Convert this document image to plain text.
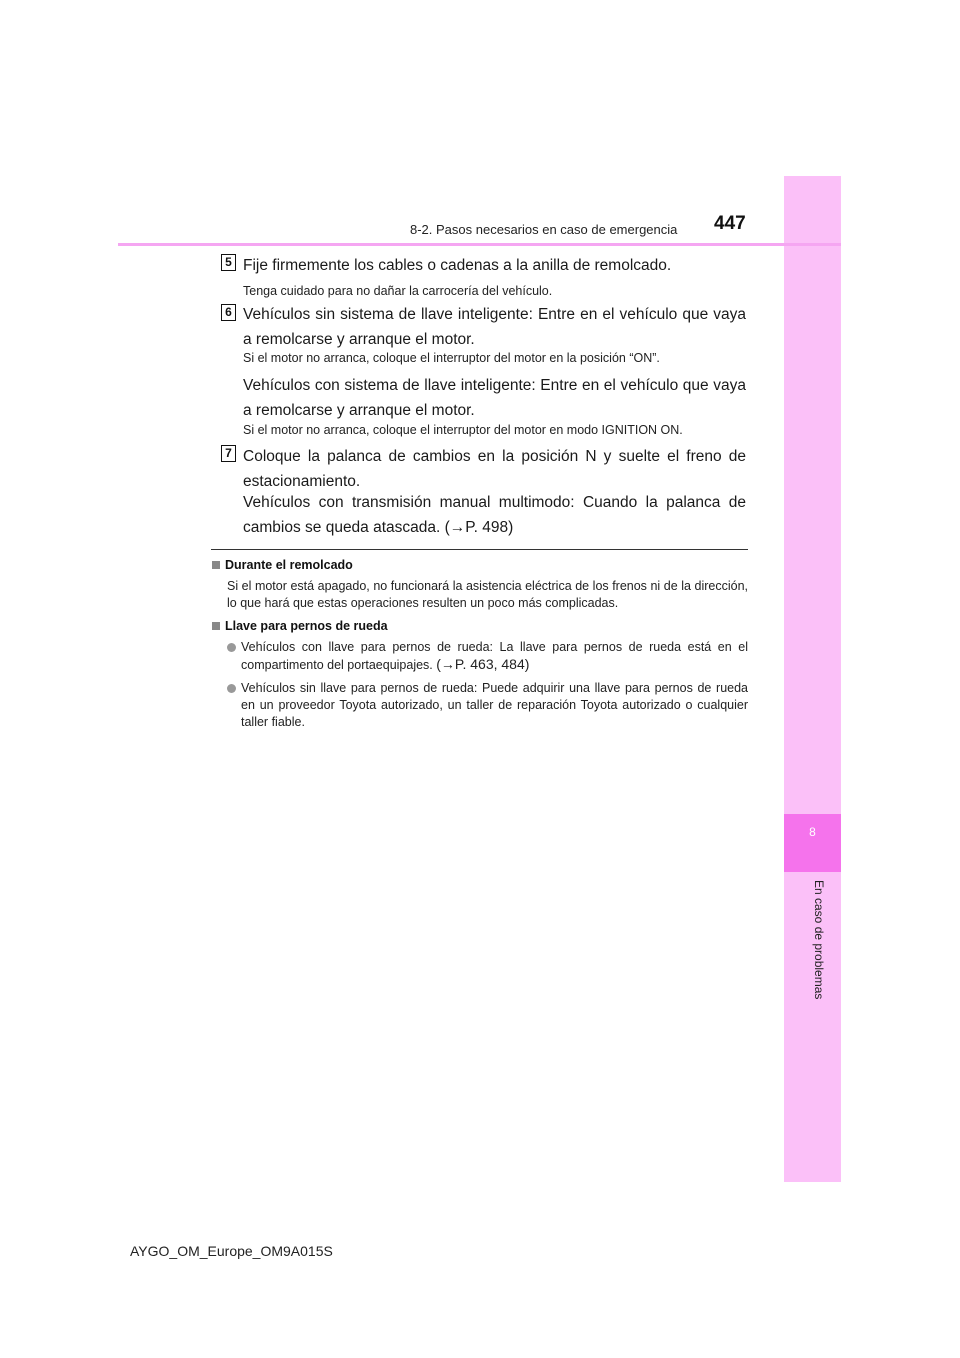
8
En caso de problemas
8-2. Pasos necesarios en caso de emergencia 447
5 Fije firmemente los cables o cadenas a la anilla de remolcado.
Tenga cuidado para no dañar la carrocería del vehículo.
6 Vehículos sin sistema de llave inteligente: Entre en el vehículo que vaya a remolcarse y arranque el motor.
Si el motor no arranca, coloque el interruptor del motor en la posición “ON”.
Vehículos con sistema de llave inteligente: Entre en el vehículo que vaya a remolcarse y arranque el motor.
Si el motor no arranca, coloque el interruptor del motor en modo IGNITION ON.
7 Coloque la palanca de cambios en la posición N y suelte el freno de estacionamiento.
Vehículos con transmisión manual multimodo: Cuando la palanca de cambios se queda atascada. (→P. 498)
Durante el remolcado
Si el motor está apagado, no funcionará la asistencia eléctrica de los frenos ni de la dirección, lo que hará que estas operaciones resulten un poco más complicadas.
Llave para pernos de rueda
Vehículos con llave para pernos de rueda: La llave para pernos de rueda está en el compartimento del portaequipajes. (→P. 463, 484)
Vehículos sin llave para pernos de rueda: Puede adquirir una llave para pernos de rueda en un proveedor Toyota autorizado, un taller de reparación Toyota autorizado o cualquier taller fiable.
AYGO_OM_Europe_OM9A015S
